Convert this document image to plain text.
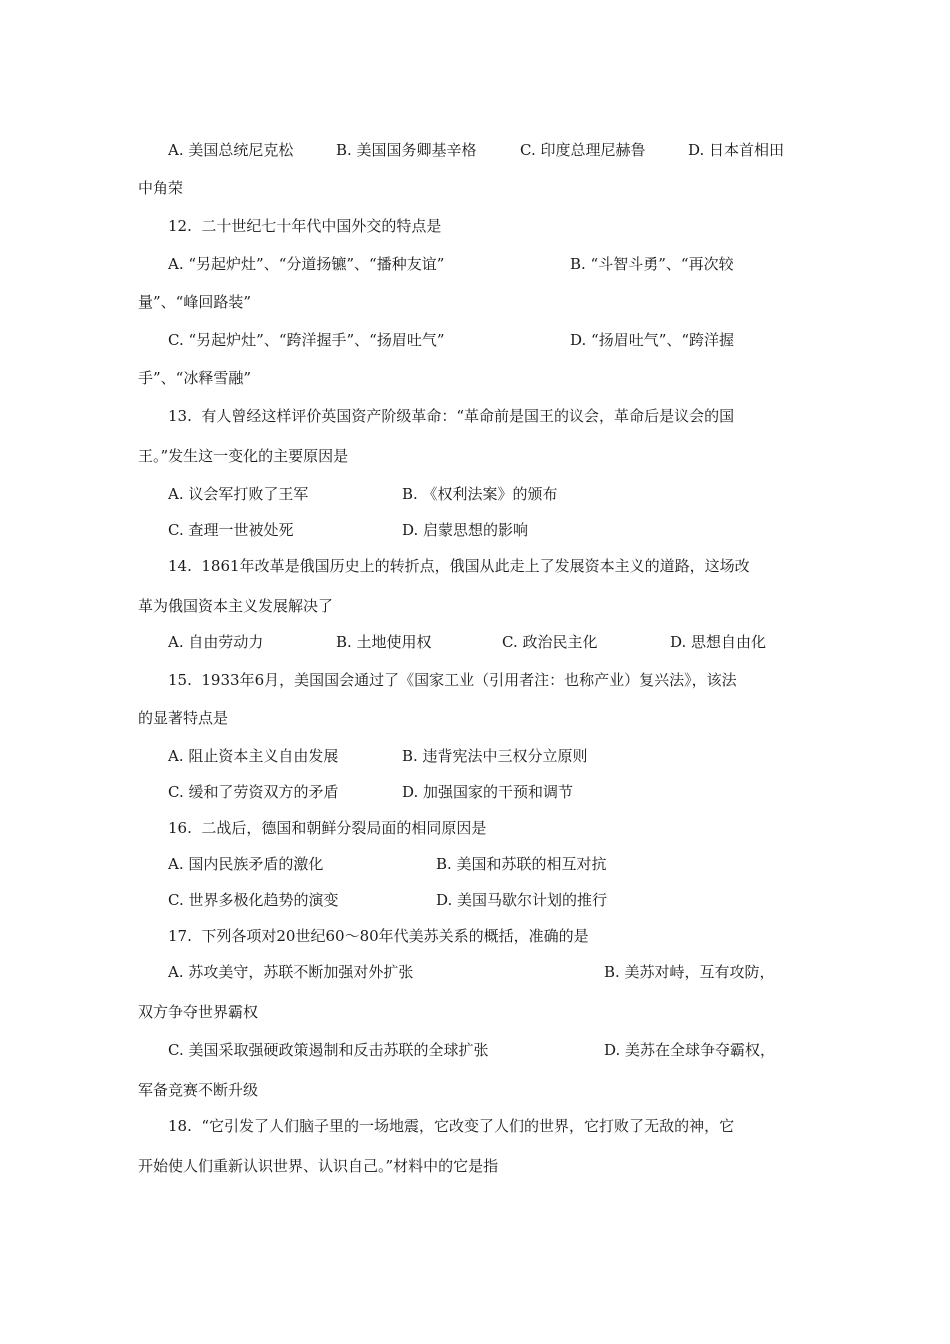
A. 美国总统尼克松	B. 美国国务卿基辛格	C. 印度总理尼赫鲁	D. 日本首相田
中角荣
12.  二十世纪七十年代中国外交的特点是
A. “另起炉灶”、“分道扬镳”、“播种友谊”	B. “斗智斗勇”、“再次较
量”、“峰回路装”
C. “另起炉灶”、“跨洋握手”、“扬眉吐气”	D. “扬眉吐气”、“跨洋握
手”、“冰释雪融”
13.  有人曾经这样评价英国资产阶级革命：“革命前是国王的议会，革命后是议会的国
王。”发生这一变化的主要原因是
A. 议会军打败了王军	B. 《权利法案》的颁布
C. 查理一世被处死	D. 启蒙思想的影响
14.  1861年改革是俄国历史上的转折点，俄国从此走上了发展资本主义的道路，这场改
革为俄国资本主义发展解决了
A. 自由劳动力	B. 土地使用权	C. 政治民主化	D. 思想自由化
15.  1933年6月，美国国会通过了《国家工业（引用者注：也称产业）复兴法》，该法
的显著特点是
A. 阻止资本主义自由发展	B. 违背宪法中三权分立原则
C. 缓和了劳资双方的矛盾	D. 加强国家的干预和调节
16.  二战后，德国和朝鲜分裂局面的相同原因是
A. 国内民族矛盾的激化	B. 美国和苏联的相互对抗
C. 世界多极化趋势的演变	D. 美国马歇尔计划的推行
17.  下列各项对20世纪60～80年代美苏关系的概括，准确的是
A. 苏攻美守，苏联不断加强对外扩张	B. 美苏对峙，互有攻防，
双方争夺世界霸权
C. 美国采取强硬政策遏制和反击苏联的全球扩张	D. 美苏在全球争夺霸权，
军备竞赛不断升级
18.  “它引发了人们脑子里的一场地震，它改变了人们的世界，它打败了无敌的神，它
开始使人们重新认识世界、认识自己。”材料中的它是指
